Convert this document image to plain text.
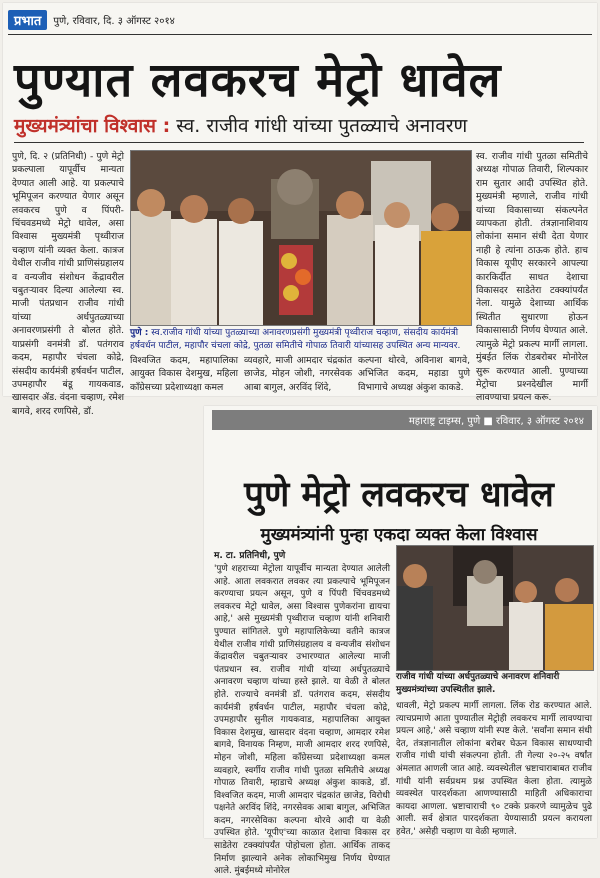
प्रभात	पुणे, रविवार, दि. ३ ऑगस्ट २०१४
पुण्यात लवकरच मेट्रो धावेल
मुख्यमंत्र्यांचा विश्‍वास : स्व. राजीव गांधी यांच्या पुतळ्याचे अनावरण
पुणे, दि. २ (प्रतिनिधी) - पुणे मेट्रो प्रकल्पाला यापूर्वीच मान्यता देण्यात आली आहे. या प्रकल्पाचे भूमिपूजन करण्यात येणार असून लवकरच पुणे व पिंपरी- चिंचवडमध्ये मेट्रो धावेल, असा विश्‍वास मुख्यमंत्री पृथ्वीराज चव्हाण यांनी व्यक्‍त केला. कात्रज येथील राजीव गांधी प्राणिसंग्रहालय व वन्यजीव संशोधन केंद्रावरील चबुतऱ्यावर दिल्या आलेल्या स्व. माजी पंतप्रधान राजीव गांधी यांच्या अर्धपुतळ्याच्या अनावरणप्रसंगी ते बोलत होते. याप्रसंगी वनमंत्री डॉ. पतंगराव कदम, महापौर चंचला कोद्रे, संसदीय कार्यमंत्री हर्षवर्धन पाटील, उपमहापौर बंडू गायकवाड, खासदार ॲड. वंदना चव्हाण, रमेश बागवे, शरद रणपिसे, डॉ.
पुणे : स्व.राजीव गांधी यांच्या पुतळ्याच्या अनावरणप्रसंगी मुख्यमंत्री पृथ्वीराज चव्हाण, संसदीय कार्यमंत्री हर्षवर्धन पाटील, महापौर चंचला कोद्रे, पुतळा समितीचे गोपाळ तिवारी यांच्यासह उपस्थित अन्य मान्यवर.
स्व. राजीव गांधी पुतळा समितीचे अध्यक्ष गोपाळ तिवारी, शिल्पकार राम सुतार आदी उपस्थित होते. मुख्यमंत्री म्हणाले, राजीव गांधी यांच्या विकासाच्या संकल्पनेत व्यापकता होती. तंत्रज्ञानाशिवाय लोकांना समान संधी देता येणार नाही हे त्यांना ठाऊक होते. हाच विकास यूपीए सरकारने आपल्या कारकिर्दीत साधत देशाचा विकासदर साडेतेरा टक्क्यांपर्यंत नेला. यामुळे देशाच्या आर्थिक स्थितीत सुधारणा होऊन विकासासाठी निर्णय घेण्यात आले. त्यामुळे मेट्रो प्रकल्प मार्गी लागला. मुंबईत लिंक रोडबरोबर मोनोरेल सुरू करण्यात आली. पुण्याच्या मेट्रोचा प्रश्‍नदेखील मार्गी लावण्याचा प्रयत्न करू.
विश्वजित कदम, महापालिका आयुक्त विकास देशमुख, महिला काँग्रेसच्या प्रदेशाध्यक्षा कमल
व्यवहारे, माजी आमदार चंद्रकांत छाजेड, मोहन जोशी, नगरसेवक आबा बागुल, अरविंद शिंदे,
कल्पना थोरवे, अविनाश बागवे, अभिजित कदम, महाडा पुणे विभागाचे अध्यक्ष अंकुश काकडे.
महाराष्ट्र टाइम्स, पुणे ■ रविवार, ३ ऑगस्ट २०१४
पुणे मेट्रो लवकरच धावेल
मुख्यमंत्र्यांनी पुन्हा एकदा व्यक्त केला विश्वास
म. टा. प्रतिनिधी, पुणे
'पुणे शहराच्या मेट्रोला यापूर्वीच मान्यता देण्यात आलेली आहे. आता लवकरात लवकर त्या प्रकल्पाचे भूमिपूजन करण्याचा प्रयत्न असून, पुणे व पिंपरी चिंचवडमध्ये लवकरच मेट्रो धावेल, असा विश्वास पुणेकरांना द्यायचा आहे,' असे मुख्यमंत्री पृथ्वीराज चव्हाण यांनी शनिवारी पुण्यात सांगितले. पुणे महापालिकेच्या वतीने कात्रज येथील राजीव गांधी प्राणिसंग्रहालय व वन्यजीव संशोधन केंद्रावरील चबुतऱ्यावर उभारण्यात आलेल्या माजी पंतप्रधान स्व. राजीव गांधी यांच्या अर्धपुतळ्याचे अनावरण चव्हाण यांच्या हस्ते झाले. या वेळी ते बोलत होते. राज्याचे वनमंत्री डॉ. पतंगराव कदम, संसदीय कार्यमंत्री हर्षवर्धन पाटील, महापौर चंचला कोद्रे, उपमहापौर सुनील गायकवाड, महापालिका आयुक्त विकास देशमुख, खासदार वंदना चव्हाण, आमदार रमेश बागवे, विनायक निम्हण, माजी आमदार शरद रणपिसे, मोहन जोशी, महिला काँग्रेसच्या प्रदेशाध्यक्षा कमल व्यवहारे, स्वर्गीय राजीव गांधी पुतळा समितीचे अध्यक्ष गोपाळ तिवारी, म्हाडाचे अध्यक्ष अंकुश काकडे, डॉ. विश्वजित कदम, माजी आमदार चंद्रकांत छाजेड, विरोधी पक्षनेते अरविंद शिंदे, नगरसेवक आबा बागुल, अभिजित कदम, नगरसेविका कल्पना थोरवे आदी या वेळी उपस्थित होते. 'यूपीए'च्या काळात देशाचा विकास दर साडेतेरा टक्क्यांपर्यंत पोहोचला होता. आर्थिक ताकद निर्माण झाल्याने अनेक लोकाभिमुख निर्णय घेण्यात आले. मुंबईमध्ये मोनोरेल
राजीव गांधी यांच्या अर्धपुतळ्याचे अनावरण शनिवारी मुख्यमंत्र्यांच्या उपस्थितीत झाले.
धावली, मेट्रो प्रकल्प मार्गी लागला. लिंक रोड करण्यात आले. त्याचप्रमाणे आता पुण्यातील मेट्रोही लवकरच मार्गी लावण्याचा प्रयत्न आहे,' असे चव्हाण यांनी स्पष्ट केले. 'सर्वांना समान संधी देत, तंत्रज्ञानातील लोकांना बरोबर घेऊन विकास साधण्याची राजीव गांधी यांची संकल्पना होती. ती गेल्या २०-२५ वर्षांत अंमलात आणली जात आहे. व्यवस्थेतील भ्रष्टाचाराबाबत राजीव गांधी यांनी सर्वप्रथम प्रश्न उपस्थित केला होता. त्यामुळे व्यवस्थेत पारदर्शकता आणण्यासाठी माहिती अधिकाराचा कायदा आणला. भ्रष्टाचाराची ९० टक्के प्रकरणे व्यामुळेच पुढे आली. सर्व क्षेत्रात पारदर्शकता येण्यासाठी प्रयत्न करायला हवेत,' असेही चव्हाण या वेळी म्हणाले.
